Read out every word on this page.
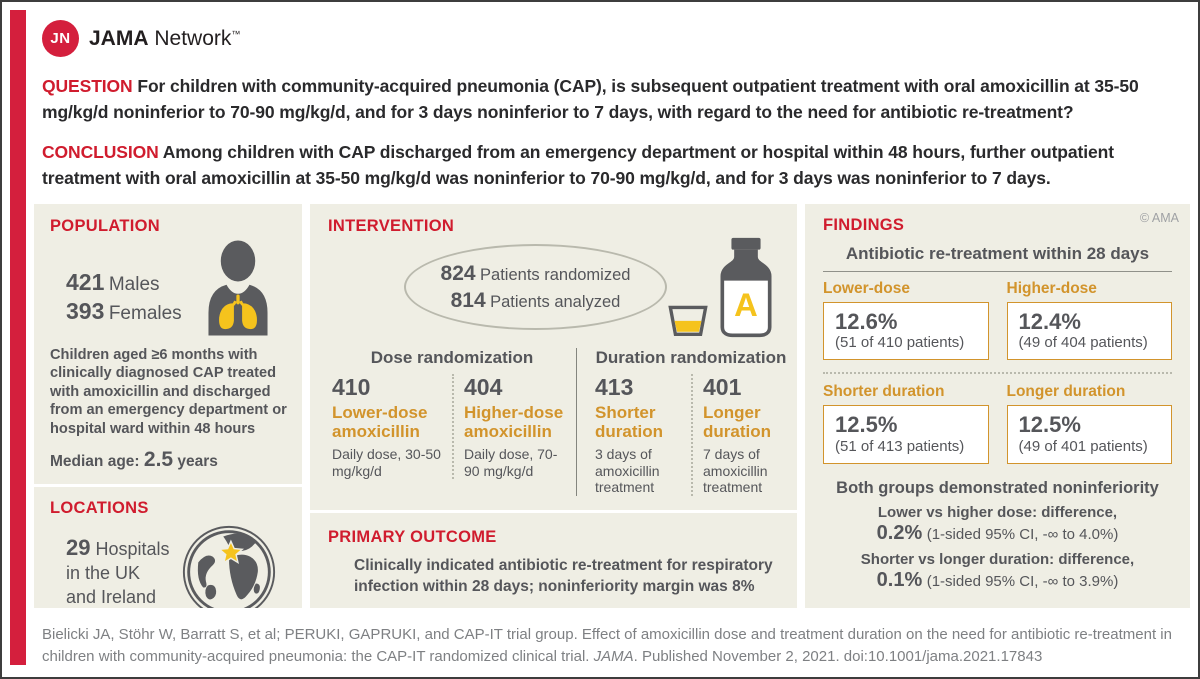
JN JAMA Network™

QUESTION For children with community-acquired pneumonia (CAP), is subsequent outpatient treatment with oral amoxicillin at 35-50 mg/kg/d noninferior to 70-90 mg/kg/d, and for 3 days noninferior to 7 days, with regard to the need for antibiotic re-treatment?

CONCLUSION Among children with CAP discharged from an emergency department or hospital within 48 hours, further outpatient treatment with oral amoxicillin at 35-50 mg/kg/d was noninferior to 70-90 mg/kg/d, and for 3 days was noninferior to 7 days.

POPULATION
421 Males
393 Females

Children aged ≥6 months with clinically diagnosed CAP treated with amoxicillin and discharged from an emergency department or hospital ward within 48 hours

Median age: 2.5 years
LOCATIONS
29 Hospitals
in the UK
and Ireland
INTERVENTION
824 Patients randomized
814 Patients analyzed	A
Dose randomization
410
Lower-dose amoxicillin
Daily dose, 30-50 mg/kg/d
404
Higher-dose amoxicillin
Daily dose, 70-90 mg/kg/d
Duration randomization
413
Shorter duration
3 days of amoxicillin treatment
401
Longer duration
7 days of amoxicillin treatment
PRIMARY OUTCOME

Clinically indicated antibiotic re-treatment for respiratory infection within 28 days; noninferiority margin was 8%

© AMA
FINDINGS
Antibiotic re-treatment within 28 days
Lower-dose
12.6%
(51 of 410 patients)
Higher-dose
12.4%
(49 of 404 patients)
Shorter duration
12.5%
(51 of 413 patients)
Longer duration
12.5%
(49 of 401 patients)
Both groups demonstrated noninferiority
Lower vs higher dose: difference,
0.2% (1-sided 95% CI, -∞ to 4.0%)
Shorter vs longer duration: difference,
0.1% (1-sided 95% CI, -∞ to 3.9%)

Bielicki JA, Stöhr W, Barratt S, et al; PERUKI, GAPRUKI, and CAP-IT trial group. Effect of amoxicillin dose and treatment duration on the need for antibiotic re-treatment in children with community-acquired pneumonia: the CAP-IT randomized clinical trial. JAMA. Published November 2, 2021. doi:10.1001/jama.2021.17843
